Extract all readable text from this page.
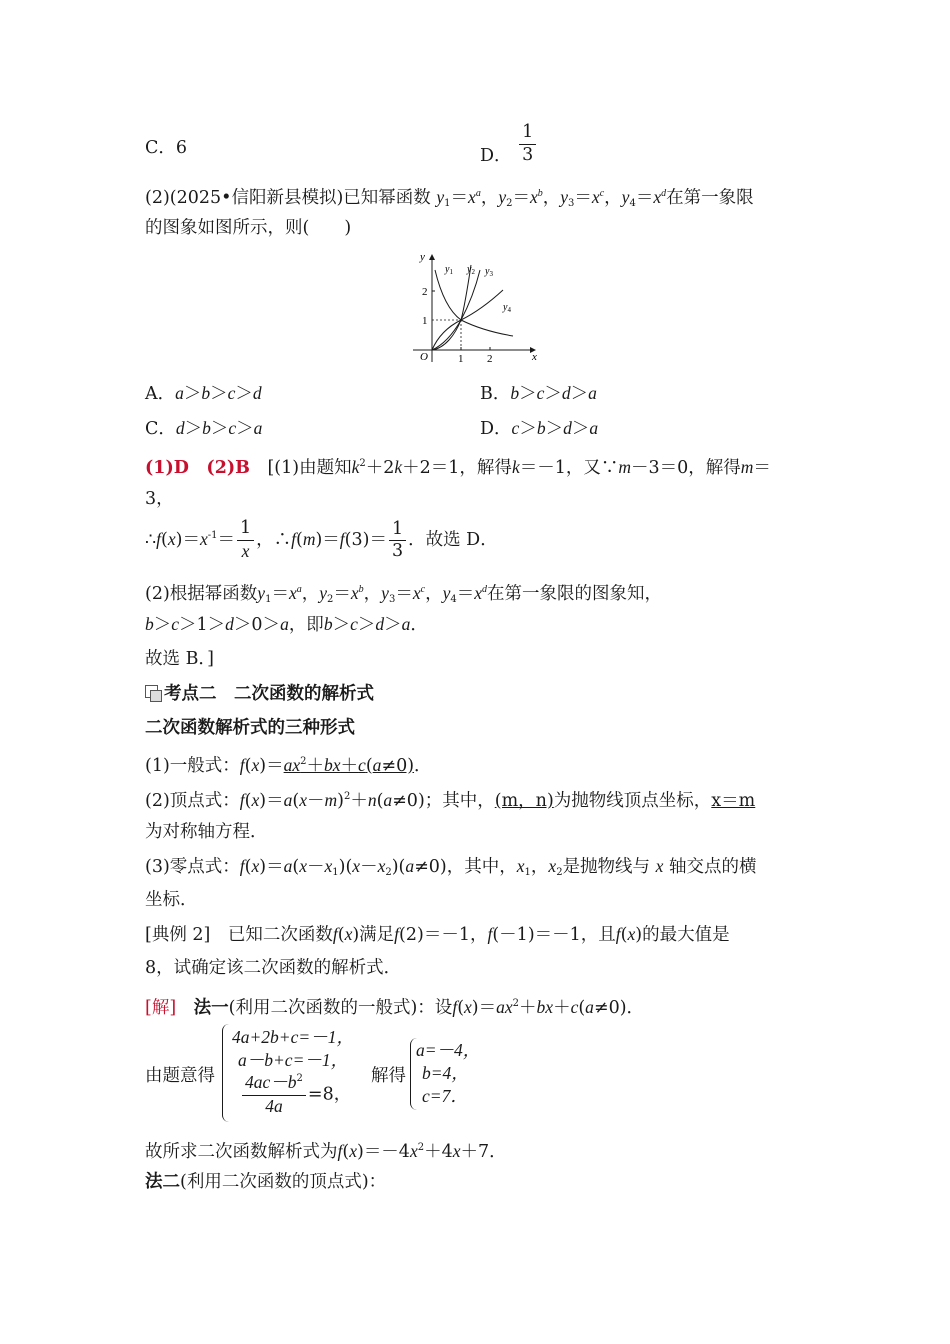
C．6	D． $\frac{1}{3}$
(2)(2025•信阳新县模拟)已知幂函数 $y_1=x^a$，$y_2=x^b$，$y_3=x^c$，$y_4=x^d$在第一象限
的图象如图所示，则(　　)
y
x
O	1 2
1
2
$y_1$ $y_2$ $y_3$
$y_4$
A．a＞b＞c＞d	B．b＞c＞d＞a
C．d＞b＞c＞a	D．c＞b＞d＞a
(1)D　 (2)B　 [(1)由题知$k^2+2k+2=1$，解得k＝－1，又∵m－3＝0，解得m＝
3，
$\therefore f(x)=x^{-1}= \frac{1}{x}$ ，∴f(m)＝f(3)＝ $\frac{1}{3}$ ．故选 D．
(2)根据幂函数$y_1=x^a$，$y_2=x^b$，$y_3=x^c$，$y_4=x^d$在第一象限的图象知，
b＞c＞1＞d＞0＞a，即b＞c＞d＞a．
故选 B．]
考点二　二次函数的解析式
二次函数解析式的三种形式
(1)一般式：$f(x)=ax^2+bx+c(a\ne 0)$．
(2)顶点式：$f(x)=a(x-m)^2+n(a\ne 0)$；其中，(m，n)为抛物线顶点坐标，x＝m
为对称轴方程．
(3)零点式：$f(x)=a(x-x_1)(x-x_2)(a\ne 0)$，其中，$x_1$，$x_2$是抛物线与 x 轴交点的横
坐标．
[典例 2]　 已知二次函数f(x)满足f(2)＝－1，f(－1)＝－1，且f(x)的最大值是
8，试确定该二次函数的解析式．
[解]　 法一(利用二次函数的一般式)：设$f(x)=ax^2+bx+c(a\ne 0)$．
由题意得
4a+2b+c=－1，
a－b+c=－1，
$\frac{4ac-b^2}{4a} =8$，
解得
a=－4，
b=4，
c=7．
故所求二次函数解析式为$f(x)=-4x^2+4x+7$．
法二(利用二次函数的顶点式)：
